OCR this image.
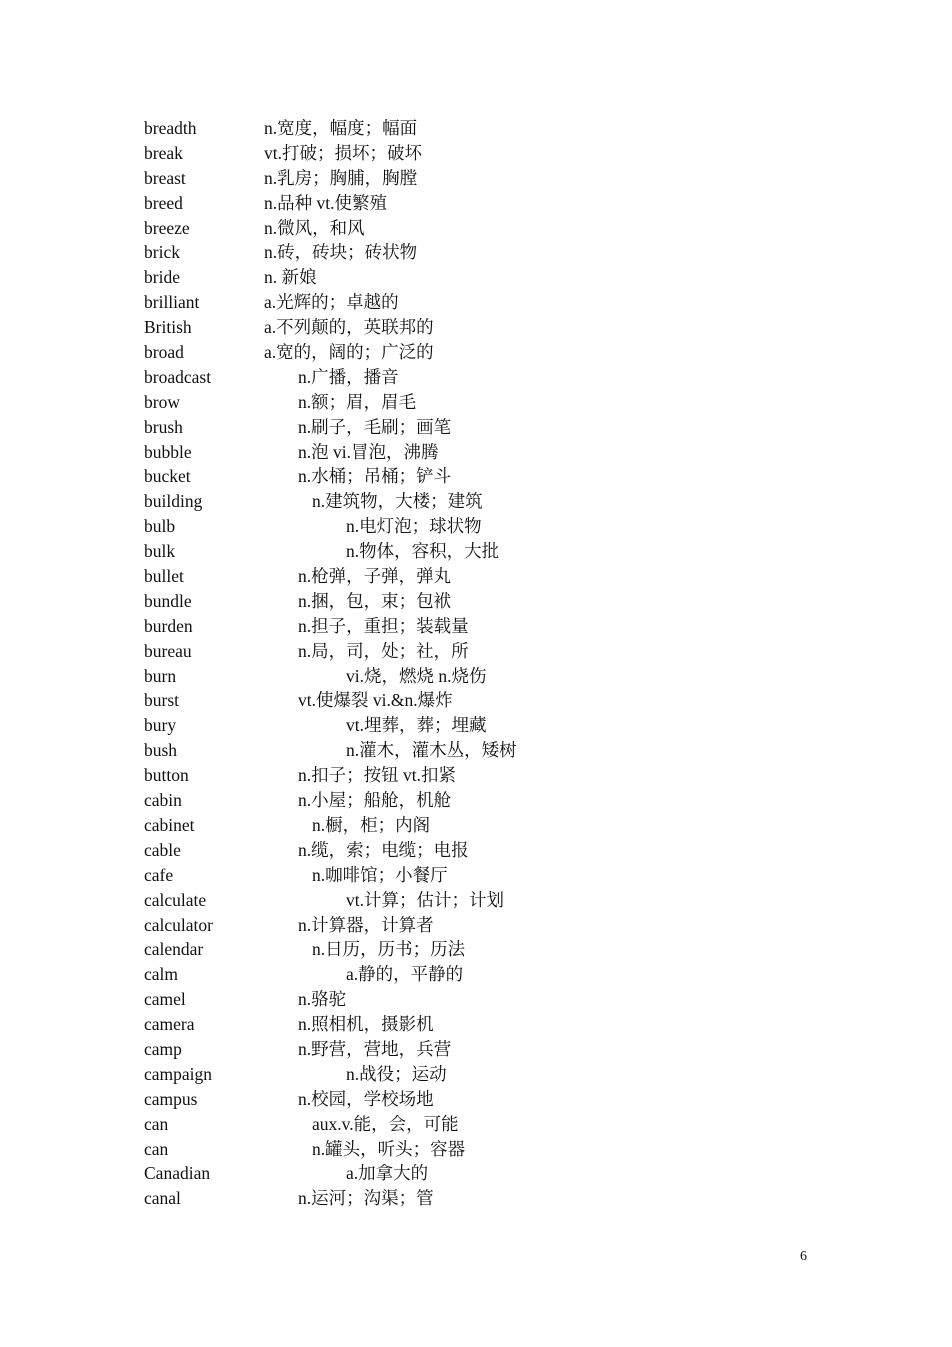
breadth	n.宽度，幅度；幅面
break	vt.打破；损坏；破坏
breast	n.乳房；胸脯，胸膛
breed	n.品种 vt.使繁殖
breeze	n.微风，和风
brick	n.砖，砖块；砖状物
bride	n. 新娘
brilliant	a.光辉的；卓越的
British	a.不列颠的，英联邦的
broad	a.宽的，阔的；广泛的
broadcast	n.广播，播音
brow	n.额；眉，眉毛
brush	n.刷子，毛刷；画笔
bubble	n.泡 vi.冒泡，沸腾
bucket	n.水桶；吊桶；铲斗
building	n.建筑物，大楼；建筑
bulb	n.电灯泡；球状物
bulk	n.物体，容积，大批
bullet	n.枪弹，子弹，弹丸
bundle	n.捆，包，束；包袱
burden	n.担子，重担；装载量
bureau	n.局，司，处；社，所
burn	vi.烧，燃烧 n.烧伤
burst	vt.使爆裂 vi.&n.爆炸
bury	vt.埋葬，葬；埋藏
bush	n.灌木，灌木丛，矮树
button	n.扣子；按钮 vt.扣紧
cabin	n.小屋；船舱，机舱
cabinet	n.橱，柜；内阁
cable	n.缆，索；电缆；电报
cafe	n.咖啡馆；小餐厅
calculate	vt.计算；估计；计划
calculator	n.计算器，计算者
calendar	n.日历，历书；历法
calm	a.静的，平静的
camel	n.骆驼
camera	n.照相机，摄影机
camp	n.野营，营地，兵营
campaign	n.战役；运动
campus	n.校园，学校场地
can	aux.v.能，会，可能
can	n.罐头，听头；容器
Canadian	a.加拿大的
canal	n.运河；沟渠；管
6
